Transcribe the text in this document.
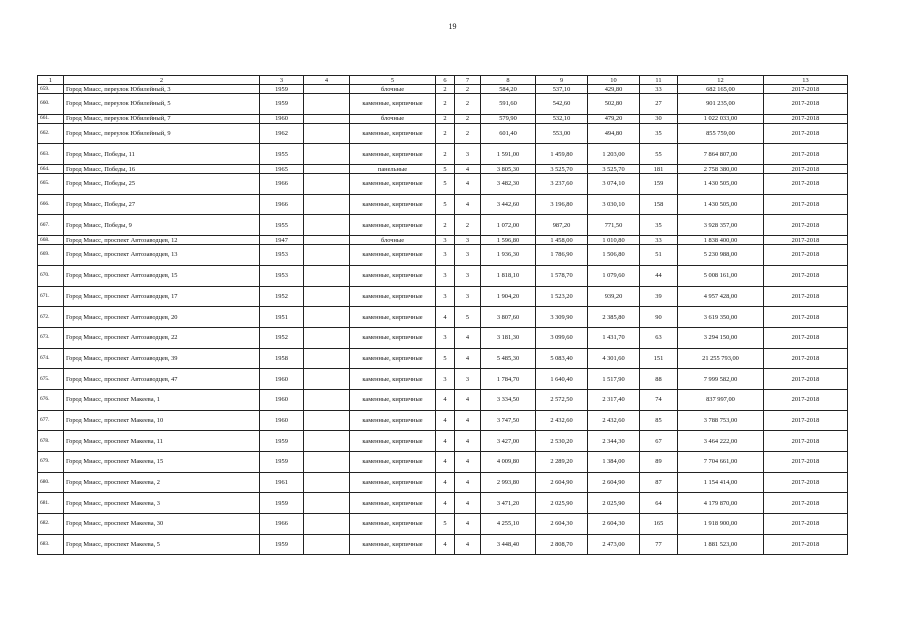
19
1	2	3	4	5	6	7	8	9	10	11	12	13
659.	Город Миасс, переулок Юбилейный, 3	1959		блочные	2	2	584,20	537,10	429,80	33	682 165,00	2017-2018
660.	Город Миасс, переулок Юбилейный, 5	1959		каменные, кирпичные	2	2	591,60	542,60	502,80	27	901 235,00	2017-2018
661.	Город Миасс, переулок Юбилейный, 7	1960		блочные	2	2	579,90	532,10	479,20	30	1 022 033,00	2017-2018
662.	Город Миасс, переулок Юбилейный, 9	1962		каменные, кирпичные	2	2	601,40	553,00	494,80	35	855 759,00	2017-2018
663.	Город Миасс, Победы, 11	1955		каменные, кирпичные	2	3	1 591,00	1 459,80	1 203,00	55	7 864 807,00	2017-2018
664.	Город Миасс, Победы, 16	1965		панельные	5	4	3 805,30	3 525,70	3 525,70	181	2 758 380,00	2017-2018
665.	Город Миасс, Победы, 25	1966		каменные, кирпичные	5	4	3 482,30	3 237,60	3 074,10	159	1 430 505,00	2017-2018
666.	Город Миасс, Победы, 27	1966		каменные, кирпичные	5	4	3 442,60	3 196,80	3 030,10	158	1 430 505,00	2017-2018
667.	Город Миасс, Победы, 9	1955		каменные, кирпичные	2	2	1 072,00	987,20	771,50	35	3 928 357,00	2017-2018
668.	Город Миасс, проспект Автозаводцев, 12	1947		блочные	3	3	1 596,80	1 458,00	1 010,80	33	1 838 400,00	2017-2018
669.	Город Миасс, проспект Автозаводцев, 13	1953		каменные, кирпичные	3	3	1 936,30	1 786,90	1 506,80	51	5 230 988,00	2017-2018
670.	Город Миасс, проспект Автозаводцев, 15	1953		каменные, кирпичные	3	3	1 818,10	1 578,70	1 079,60	44	5 008 161,00	2017-2018
671.	Город Миасс, проспект Автозаводцев, 17	1952		каменные, кирпичные	3	3	1 904,20	1 523,20	939,20	39	4 957 428,00	2017-2018
672.	Город Миасс, проспект Автозаводцев, 20	1951		каменные, кирпичные	4	5	3 807,60	3 309,90	2 385,80	90	3 619 350,00	2017-2018
673.	Город Миасс, проспект Автозаводцев, 22	1952		каменные, кирпичные	3	4	3 181,30	3 099,60	1 431,70	63	3 294 150,00	2017-2018
674.	Город Миасс, проспект Автозаводцев, 39	1958		каменные, кирпичные	5	4	5 485,30	5 083,40	4 301,60	151	21 255 793,00	2017-2018
675.	Город Миасс, проспект Автозаводцев, 47	1960		каменные, кирпичные	3	3	1 784,70	1 640,40	1 517,90	88	7 999 582,00	2017-2018
676.	Город Миасс, проспект Макеева, 1	1960		каменные, кирпичные	4	4	3 334,50	2 572,50	2 317,40	74	837 997,00	2017-2018
677.	Город Миасс, проспект Макеева, 10	1960		каменные, кирпичные	4	4	3 747,50	2 432,60	2 432,60	85	3 788 753,00	2017-2018
678.	Город Миасс, проспект Макеева, 11	1959		каменные, кирпичные	4	4	3 427,00	2 530,20	2 344,30	67	3 464 222,00	2017-2018
679.	Город Миасс, проспект Макеева, 15	1959		каменные, кирпичные	4	4	4 009,80	2 289,20	1 384,00	89	7 704 661,00	2017-2018
680.	Город Миасс, проспект Макеева, 2	1961		каменные, кирпичные	4	4	2 993,80	2 604,90	2 604,90	87	1 154 414,00	2017-2018
681.	Город Миасс, проспект Макеева, 3	1959		каменные, кирпичные	4	4	3 471,20	2 025,90	2 025,90	64	4 179 870,00	2017-2018
682.	Город Миасс, проспект Макеева, 30	1966		каменные, кирпичные	5	4	4 255,10	2 604,30	2 604,30	165	1 918 900,00	2017-2018
683.	Город Миасс, проспект Макеева, 5	1959		каменные, кирпичные	4	4	3 448,40	2 808,70	2 473,00	77	1 881 523,00	2017-2018
